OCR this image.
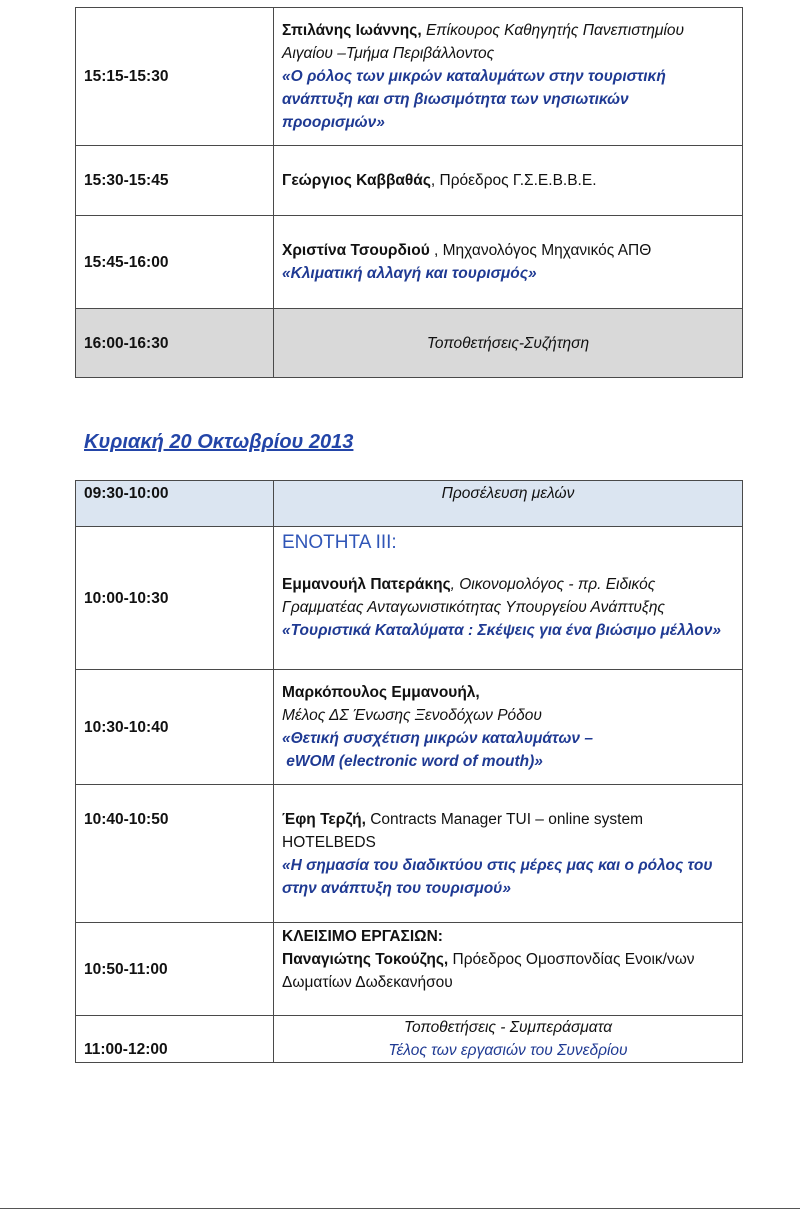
15:15-15:30	Σπιλάνης Ιωάννης, Επίκουρος Καθηγητής Πανεπιστημίου Αιγαίου –Τμήμα Περιβάλλοντος
«Ο ρόλος των μικρών καταλυμάτων στην τουριστική ανάπτυξη και στη βιωσιμότητα των νησιωτικών προορισμών»
15:30-15:45	Γεώργιος Καββαθάς, Πρόεδρος Γ.Σ.Ε.Β.Β.Ε.
15:45-16:00	Χριστίνα Τσουρδιού , Μηχανολόγος Μηχανικός ΑΠΘ
«Κλιματική αλλαγή και τουρισμός»
16:00-16:30	Τοποθετήσεις-Συζήτηση
Κυριακή 20 Οκτωβρίου 2013
09:30-10:00	Προσέλευση μελών
10:00-10:30	ΕΝΟΤΗΤΑ ΙΙΙ:
Εμμανουήλ Πατεράκης, Οικονομολόγος - πρ. Ειδικός Γραμματέας Ανταγωνιστικότητας Υπουργείου Ανάπτυξης
«Τουριστικά Καταλύματα : Σκέψεις για ένα βιώσιμο μέλλον»
10:30-10:40	Μαρκόπουλος Εμμανουήλ,
Μέλος ΔΣ Ένωσης Ξενοδόχων Ρόδου
«Θετική συσχέτιση μικρών καταλυμάτων –
eWOM (electronic word of mouth)»
10:40-10:50	Έφη Τερζή, Contracts Manager TUI – online system HOTELBEDS
«Η σημασία του διαδικτύου στις μέρες μας και ο ρόλος του στην ανάπτυξη του τουρισμού»
10:50-11:00	ΚΛΕΙΣΙΜΟ ΕΡΓΑΣΙΩΝ:
Παναγιώτης Τοκούζης, Πρόεδρος Ομοσπονδίας Ενοικ/νων Δωματίων Δωδεκανήσου
11:00-12:00	Τοποθετήσεις - Συμπεράσματα
Τέλος των εργασιών του Συνεδρίου
